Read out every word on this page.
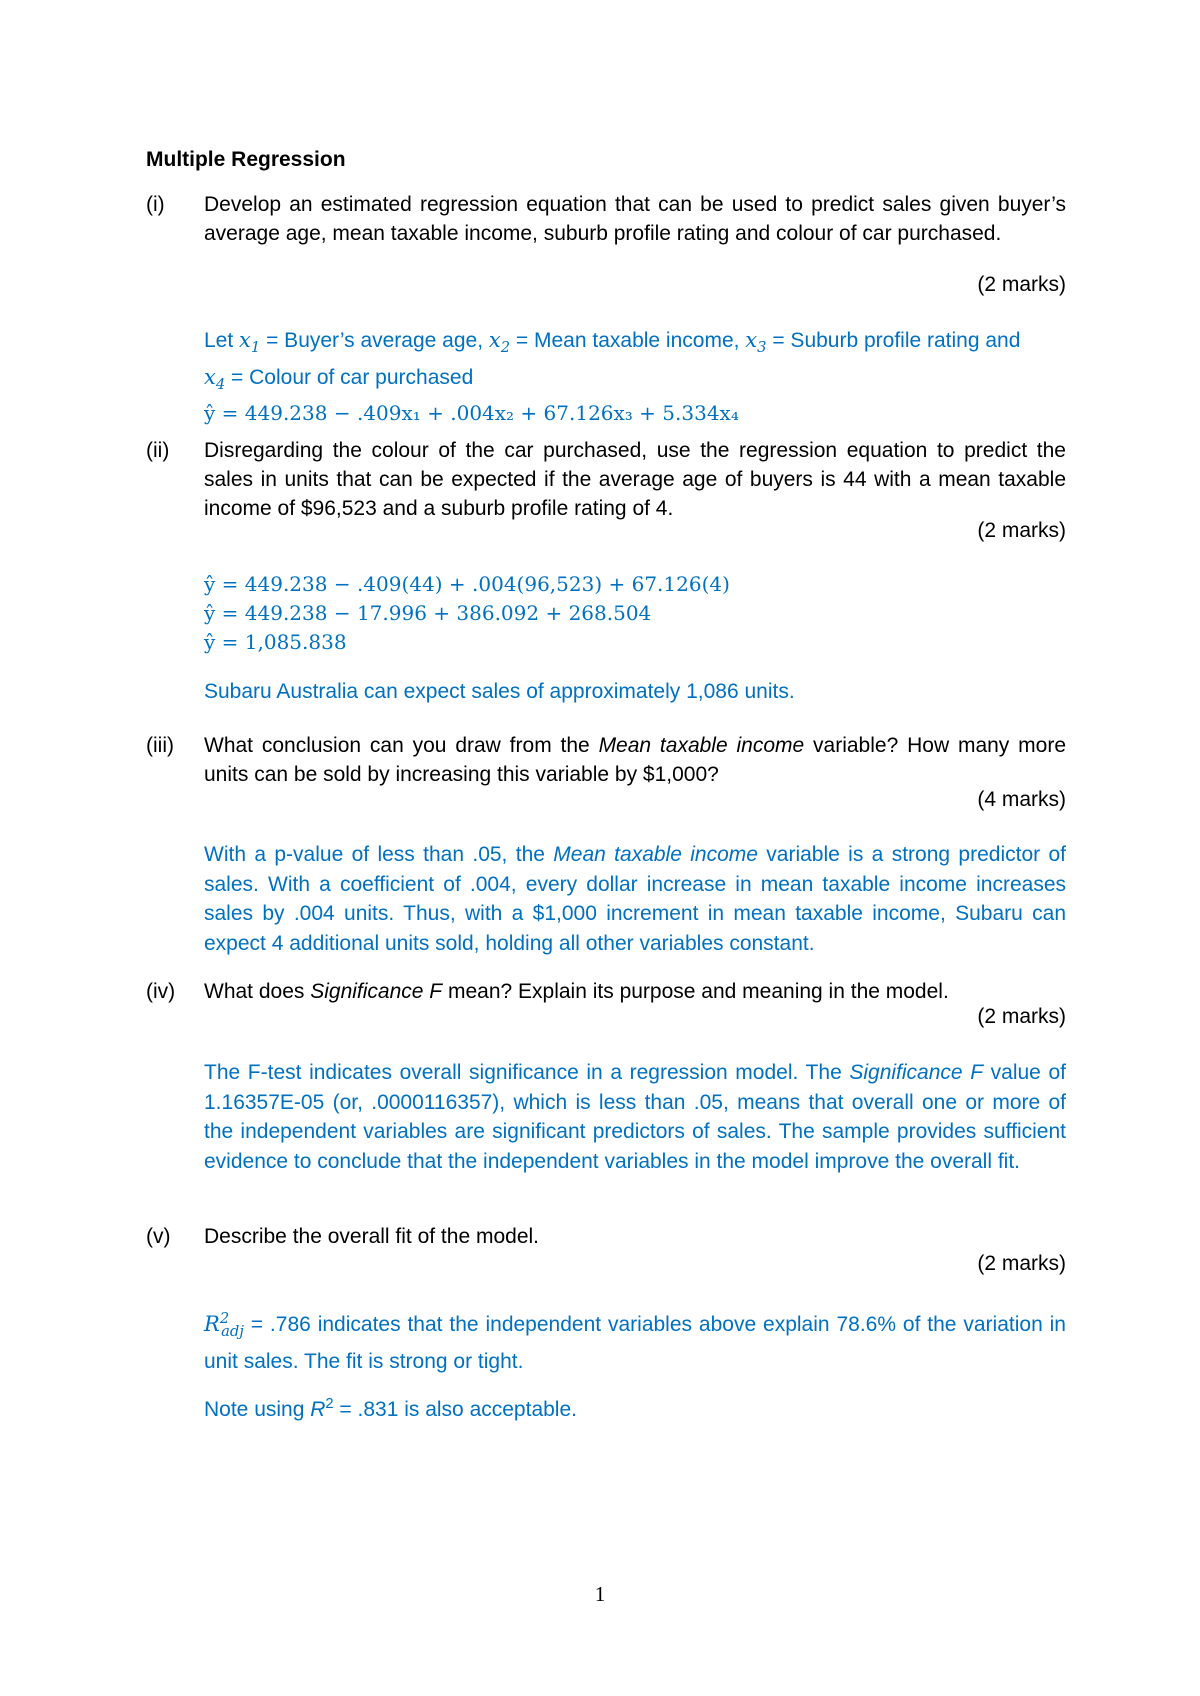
Multiple Regression
(i)	Develop an estimated regression equation that can be used to predict sales given buyer’s average age, mean taxable income, suburb profile rating and colour of car purchased.
(2 marks)
Let $x_1$ = Buyer’s average age, $x_2$ = Mean taxable income, $x_3$ = Suburb profile rating and
$x_4$ = Colour of car purchased
ŷ = 449.238 − .409x₁ + .004x₂ + 67.126x₃ + 5.334x₄
(ii)	Disregarding the colour of the car purchased, use the regression equation to predict the sales in units that can be expected if the average age of buyers is 44 with a mean taxable income of $96,523 and a suburb profile rating of 4.
(2 marks)
ŷ = 449.238 − .409(44) + .004(96,523) + 67.126(4)
ŷ = 449.238 − 17.996 + 386.092 + 268.504
ŷ = 1,085.838
Subaru Australia can expect sales of approximately 1,086 units.
(iii)	What conclusion can you draw from the Mean taxable income variable? How many more units can be sold by increasing this variable by $1,000?
(4 marks)
With a p-value of less than .05, the Mean taxable income variable is a strong predictor of sales. With a coefficient of .004, every dollar increase in mean taxable income increases sales by .004 units. Thus, with a $1,000 increment in mean taxable income, Subaru can expect 4 additional units sold, holding all other variables constant.
(iv)	What does Significance F mean? Explain its purpose and meaning in the model.
(2 marks)
The F-test indicates overall significance in a regression model. The Significance F value of 1.16357E-05 (or, .0000116357), which is less than .05, means that overall one or more of the independent variables are significant predictors of sales. The sample provides sufficient evidence to conclude that the independent variables in the model improve the overall fit.
(v)	Describe the overall fit of the model.
(2 marks)
$R^2_{adj} = .786$ indicates that the independent variables above explain 78.6% of the variation in unit sales. The fit is strong or tight.
Note using $R^2 = .831$ is also acceptable.
1
